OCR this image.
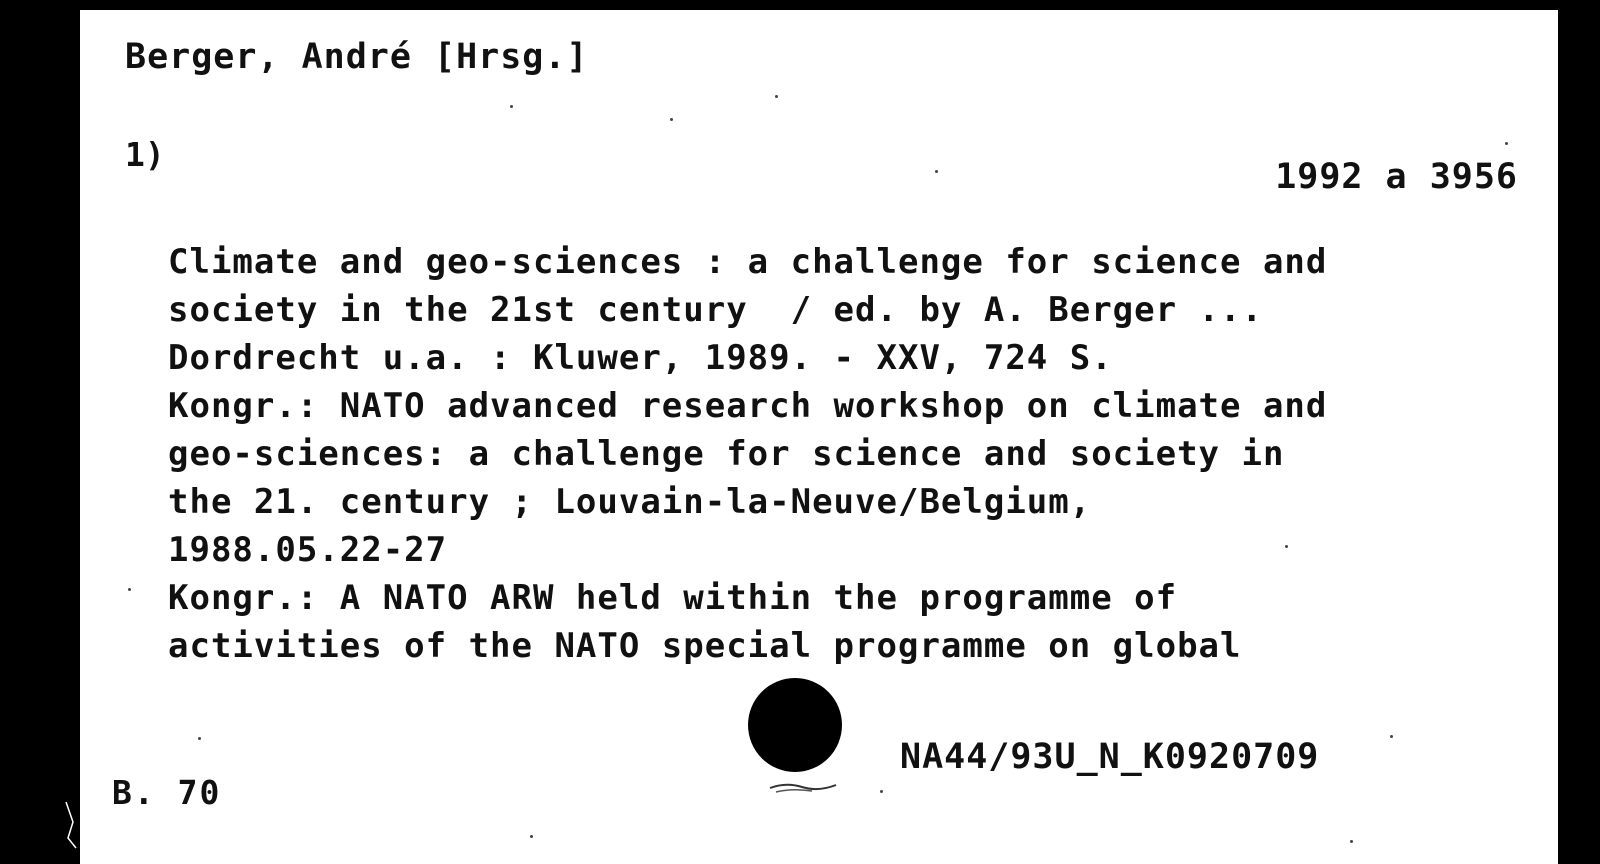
Berger, André [Hrsg.]
1)
1992 a 3956
Climate and geo-sciences : a challenge for science and
society in the 21st century  / ed. by A. Berger ...
Dordrecht u.a. : Kluwer, 1989. - XXV, 724 S.
Kongr.: NATO advanced research workshop on climate and
geo-sciences: a challenge for science and society in
the 21. century ; Louvain-la-Neuve/Belgium,
1988.05.22-27
Kongr.: A NATO ARW held within the programme of
activities of the NATO special programme on global
B. 70
NA44/93U_N_K0920709
